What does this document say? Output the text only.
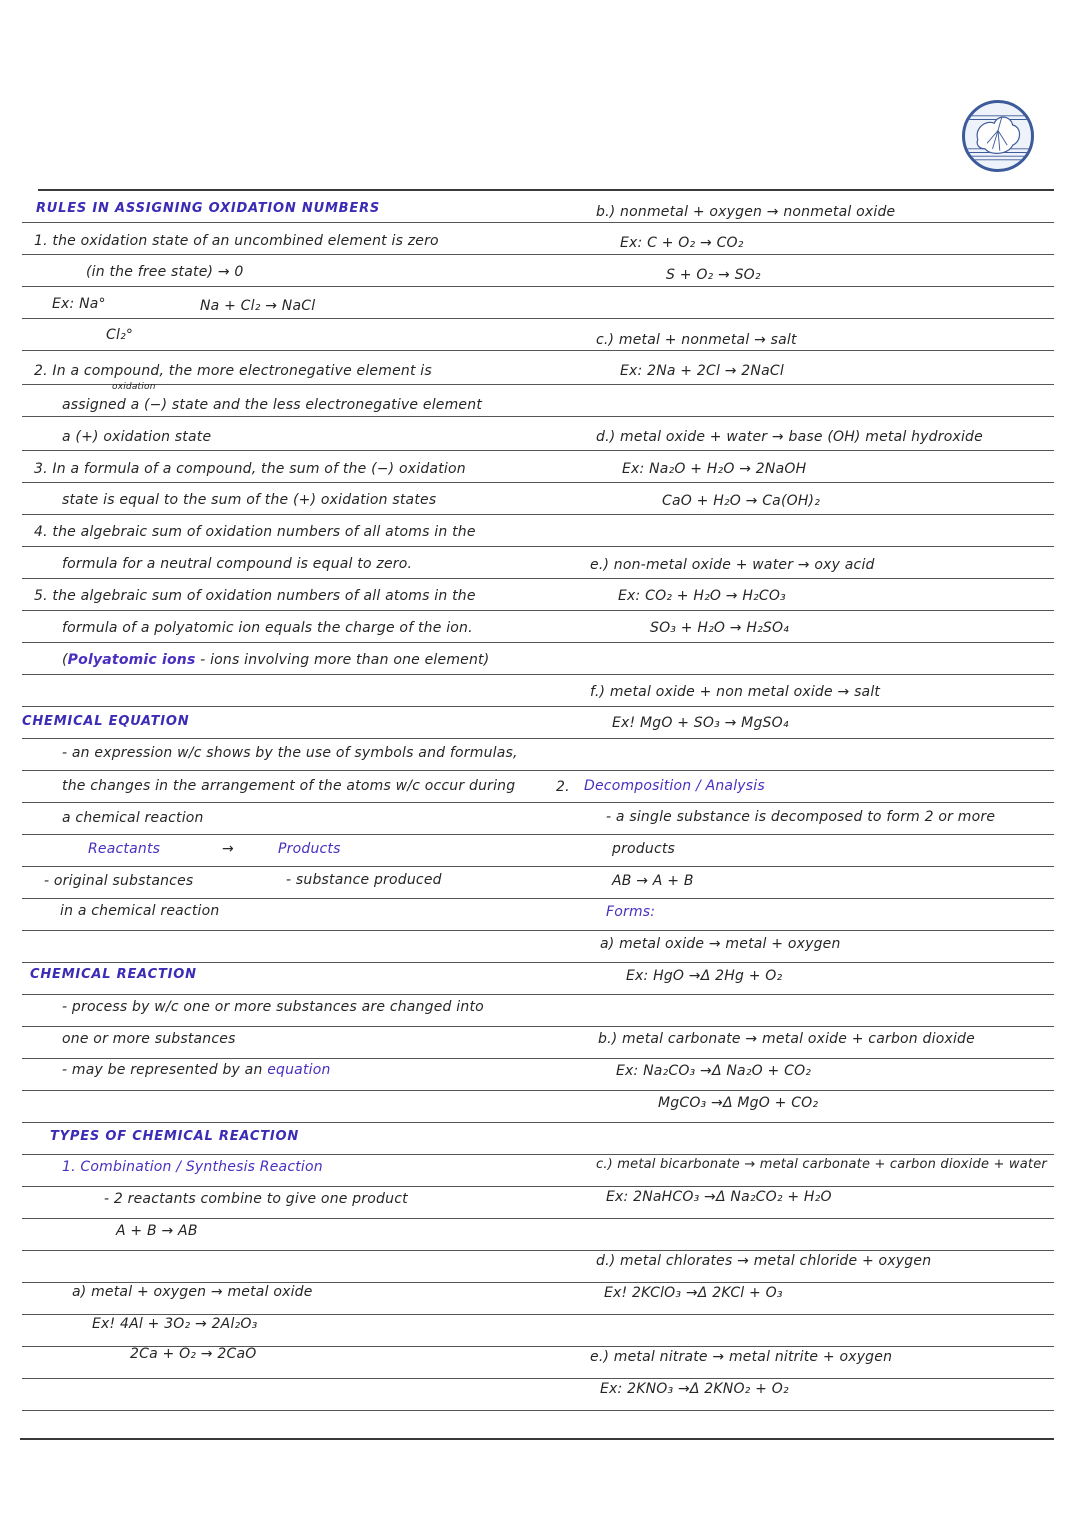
RULES IN ASSIGNING OXIDATION NUMBERS
1. the oxidation state of an uncombined element is zero
(in the free state) → 0
Ex: Na°	Na + Cl₂ → NaCl
Cl₂°
2. In a compound, the more electronegative element is
oxidation
assigned a (−) state and the less electronegative element
a (+) oxidation state
3. In a formula of a compound, the sum of the (−) oxidation
state is equal to the sum of the (+) oxidation states
4. the algebraic sum of oxidation numbers of all atoms in the
formula for a neutral compound is equal to zero.
5. the algebraic sum of oxidation numbers of all atoms in the
formula of a polyatomic ion equals the charge of the ion.
(Polyatomic ions - ions involving more than one element)
CHEMICAL EQUATION
- an expression w/c shows by the use of symbols and formulas,
the changes in the arrangement of the atoms w/c occur during
a chemical reaction
Reactants	→	Products
- original substances	- substance produced
in a chemical reaction
CHEMICAL REACTION
- process by w/c one or more substances are changed into
one or more substances
- may be represented by an equation
TYPES OF CHEMICAL REACTION
1. Combination / Synthesis Reaction
- 2 reactants combine to give one product
A + B → AB
a) metal + oxygen → metal oxide
Ex! 4Al + 3O₂ → 2Al₂O₃
2Ca + O₂ → 2CaO
b.) nonmetal + oxygen → nonmetal oxide
Ex: C + O₂ → CO₂
S + O₂ → SO₂
c.) metal + nonmetal → salt
Ex: 2Na + 2Cl → 2NaCl
d.) metal oxide + water → base (OH) metal hydroxide
Ex: Na₂O + H₂O → 2NaOH
CaO + H₂O → Ca(OH)₂
e.) non-metal oxide + water → oxy acid
Ex: CO₂ + H₂O → H₂CO₃
SO₃ + H₂O → H₂SO₄
f.) metal oxide + non metal oxide → salt
Ex! MgO + SO₃ → MgSO₄
2. Decomposition / Analysis
- a single substance is decomposed to form 2 or more
products
AB → A + B
Forms:
a) metal oxide → metal + oxygen
Ex: HgO →Δ 2Hg + O₂
b.) metal carbonate → metal oxide + carbon dioxide
Ex: Na₂CO₃ →Δ Na₂O + CO₂
MgCO₃ →Δ MgO + CO₂
c.) metal bicarbonate → metal carbonate + carbon dioxide + water
Ex: 2NaHCO₃ →Δ Na₂CO₂ + H₂O
d.) metal chlorates → metal chloride + oxygen
Ex! 2KClO₃ →Δ 2KCl + O₃
e.) metal nitrate → metal nitrite + oxygen
Ex: 2KNO₃ →Δ 2KNO₂ + O₂
